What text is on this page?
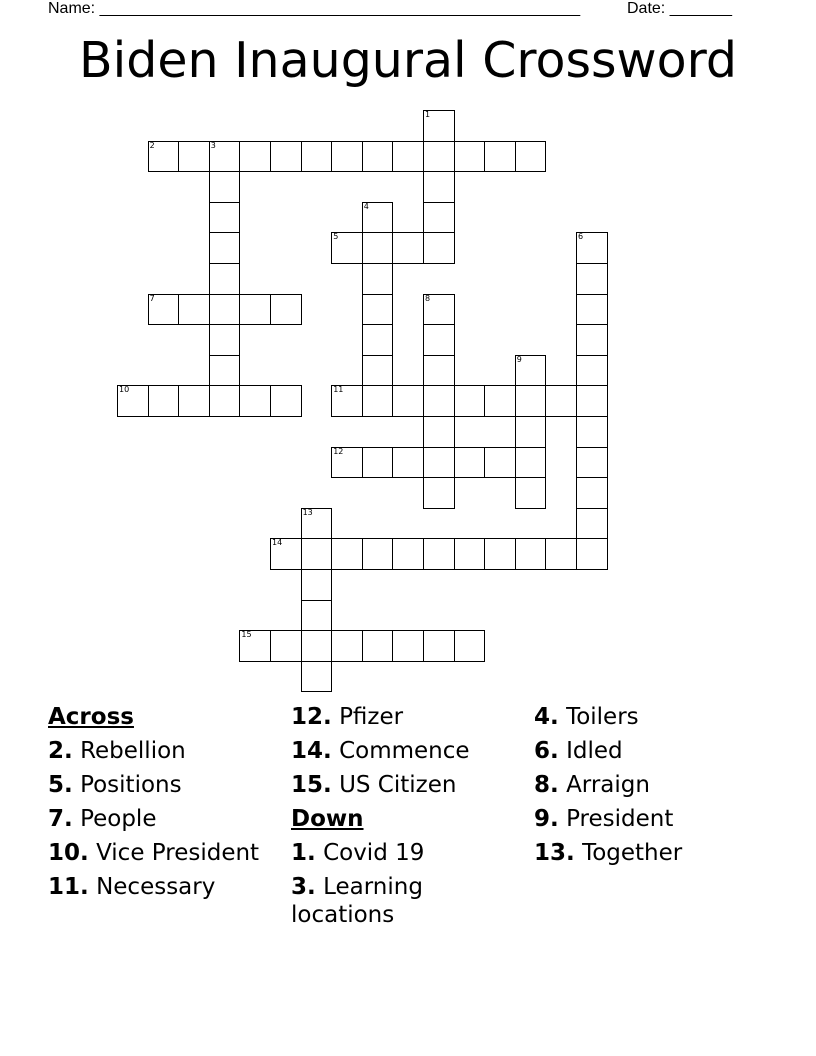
Name: ______________________________________________________	Date: _______
Biden Inaugural Crossword
1
2	3
4
5	6
7	8
9
10	11
12
13
14
15
Across
2. Rebellion
5. Positions
7. People
10. Vice President
11. Necessary
12. Pfizer
14. Commence
15. US Citizen
Down
1. Covid 19
3. Learning locations
4. Toilers
6. Idled
8. Arraign
9. President
13. Together
